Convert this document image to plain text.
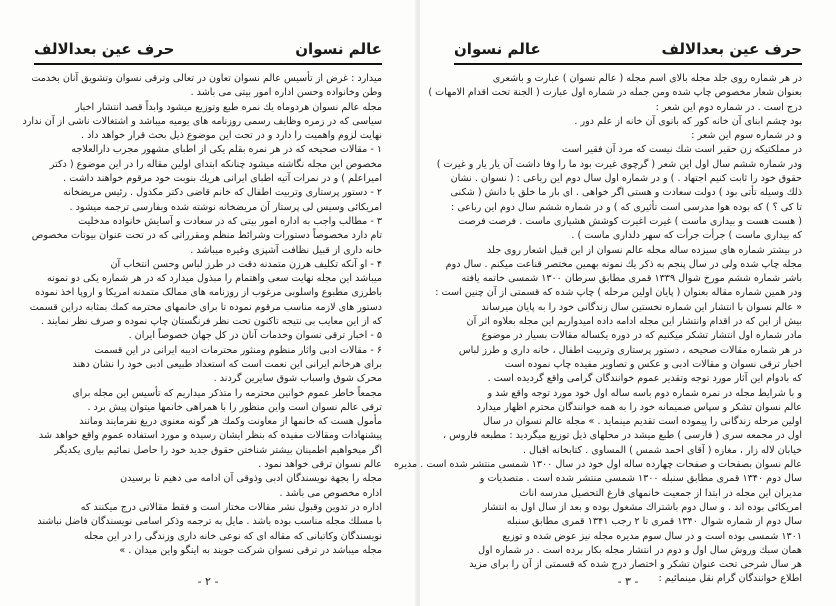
حرف عین بعدالالف	عالم نسوان
میدارد : غرض از تأسیس عالم نسوان تعاون در تعالی وترقی نسوان وتشویق آنان بخدمت
وطن وخانواده وحسن اداره امور بیتی می باشد .
مجله عالم نسوان هردوماه یك نمره طبع وتوزیع میشود وابداً قصد انتشار اخبار
سیاسی که در زمره وظایف رسمی روزنامه های یومیه میباشد و اشتغالات ناشی از آن ندارد
نهایت لزوم واهمیت را دارد و در تحت این موضوع ذیل بحث قرار خواهد داد .
۱ - مقالات صحیحه که در هر نمره بقلم یکی از اطبای مشهور مجرب دارالعلاجه
مخصوص این مجله نگاشته میشود چنانکه ابتدای اولین مقاله را در این موضوع ( دکتر
امیراعلم ) و در نمرات آتیه اطبای ایرانی هریك بنوبت خود مرقوم خواهند داشت .
۲ - دستور پرستاری وتربیت اطفال که خانم قاضی دکتر مکدول . رئیس مریضخانه
امریکائی وسیس لی پرستار آن مریضخانه نوشته شده وبفارسی ترجمه میشود .
۳ - مطالب واجب به اداره امور بیتی که در سعادت و آسایش خانواده مدخلیت
تام دارد مخصوصاً دستورات وشرائط منظم ومقرراتی که در تحت عنوان بیوتات مخصوص
خانه داری از قبیل نظافت آشپزی وغیره میباشد .
۴ - او آنکه تکلیف هرزن متمدنه دقت در طرز لباس وحسن انتخاب آن
میباشد این مجله نهایت سعی واهتمام را مبذول میدارد که در هر شماره یکی دو نمونه
باطرزی مطبوع واسلوبی مرغوب از روزنامه های ممالک متمدنه امریکا و اروپا اخذ نموده
دستور های لازمه مناسب مرقوم نموده تا برای خانمهای محترمه کمك بمثابه دراین قسمت
که از این معایب بی نتیجه تاکنون تحت نظر فرنگستان چاپ نموده و صرف نظر نمایند .
۵ - اخبار ترقی نسوان وخدمات آنان در کل جهان خصوصاً ایران .
۶ - مقالات ادبی واثار منظوم ومنثور محترمات ادیبه ایرانی در این قسمت
برای هرخانم ایرانی این نعمت است که استعداد طبیعی ادبی خود را نشان دهند
محرک شوق واسباب شوق سایرین گردند .
مجمعاً خاطر عموم خوانین محترمه را متذکر میداریم که تأسیس این مجله برای
ترقی عالم نسوان است واین منظور را با همراهی خانمها میتوان پیش برد .
مأمول هست که خانمها از معاونت وکمك هر گونه معنوی دریغ نفرمایند ومانند
پیشنهادات ومقالات مفیده که بنظر ایشان رسیده و مورد استفاده عموم واقع خواهد شد
اگر میخواهیم اطمینان بیشتر شناختن حقوق جدید خود را حاصل نمائیم بیاری یکدیگر
عالم نسوان ترقی خواهد نمود .
مجله را بجهة نویسندگان ادبی وذوقی آن ادامه می دهیم تا برسیدن
اداره مخصوص می باشد .
اداره در تدوین وقبول نشر مقالات مختار است و فقط مقالاتی درج میکنند که
با مسلك مجله مناسب بوده باشد . مایل به ترجمه وذکر اسامی نویسندگان فاضل نباشند
نویسندگان وکاتبانی که مقاله ای که نوعی خانه داری وزندگی را در این مجله
مجله میباشد در ترقی نسوان شرکت جویند به اینگو واین میدان . »
- ۲ -
عالم نسوان	حرف عین بعدالالف
در هر شماره روی جلد مجله بالای اسم مجله ( عالم نسوان ) عبارت و باشعری
بعنوان شعار مخصوص چاپ شده ومن جمله در شماره اول عبارت ( الجنة تحت اقدام الامهات )
درج است . در شماره دوم این شعر :
بود چشم ابنای آن خانه کور که بانوی آن خانه از علم دور .
و در شماره سوم این شعر :
در مملکتیکه زن حقیر است شك نیست که مرد آن فقیر است
ودر شماره ششم سال اول این شعر ( گرچوی غیرت بود ما را وفا داشت آن یار یار و غیرت )
حقوق خود را ثابت کنیم اجتهاد . ) و در شماره اول سال دوم این رباعی : ( نسوان . نشان
ذلك وسیله تأتی بود ) دولت سعادت و هستی اگر خواهی . ای بار ما خلق با دانش ( شکنی
تا کی ؟ ) که بوده هوا مدرسی است تأثیری که ) و در شماره ششم سال دوم این رباعی :
( هست هست و بیداری ماست ) غیرت اغیرت کوشش هشیاری ماست . فرصت فرصت
که بیداری ماست ) جرأت جرأت که سهر دلداری ماست ) .
در بیشتر شماره های سیزده ساله مجله عالم نسوان از این قبیل اشعار روی جلد
مجله چاپ شده ولی در سال پنجم به ذکر یك نمونه بهمین مختصر قناعت میکنم . سال دوم
باشر شماره ششم مورخ شوال ۱۳۳۹ قمری مطابق سرطان ۱۳۰۰ شمسی خاتمه یافته
ودر همین شماره مقاله بعنوان ( پایان اولین مرحله ) چاپ شده که قسمتی از آن چنین است :
« عالم نسوان با انتشار این شماره نخستین سال زندگانی خود را به پایان میرساند
بیش از این که در اقدام وانتشار این مجله ادامه داده امیدواریم این مجله بعلاوه اثر آن
مادر شماره اول انتشار تشکر میکنیم که در دوره یکساله مقالات بسیار در موضوع
در هر شماره مقالات صحیحه ، دستور پرستاری وتربیت اطفال ، خانه داری و طرز لباس
اخبار ترقی نسوان و مقالات ادبی و عکس و تصاویر مفیده چاپ نموده است
که بادوام این آثار مورد توجه وتقدیر عموم خوانندگان گرامی واقع گردیده است .
و با شرایط مجله در نمره شماره دوم باسه ساله اول خود مورد توجه واقع شد و
عالم نسوان تشکر و سپاس صمیمانه خود را به همه خوانندگان محترم اظهار میدارد
اولین مرحله زندگانی را پیموده است تقدیم مینماید . » مجله عالم نسوان در سال
اول در مجمعه سری ( فارسی ) طبع میشد در محلهای ذیل توزیع میگردید : مطبعه فاروس ،
خیابان لاله زار ، مغازه ( آقای احمد شمس ) المساوی . کتابخانه اقبال .
عالم نسوان بصفحات و صفحات چهارده ساله اول خود در سال ۱۳۰۰ شمسی منتشر شده است . مدیره
سال دوم ۱۳۴۰ قمری مطابق سنبله ۱۳۰۰ شمسی منتشر شده است . متصدیات و
مدیران این مجله در ابتدا از جمعیت خانمهای فارغ التحصیل مدرسه اناث
امریکائی بوده اند . و سال دوم باشتراك مشغول بوده و بعد از سال اول به انتشار
سال دوم از شماره شوال ۱۳۴۰ قمری تا ۲ رجب ۱۳۴۱ قمری مطابق سنبله
۱۳۰۱ شمسی بوده است و در سال سوم مدیره مجله نیز عوض شده و توزیع
همان سبك وروش سال اول و دوم در انتشار مجله بکار برده است . در شماره اول
هر سال شرحی تحت عنوان تشکر و اختصار درج شده که قسمتی از آن را برای مزید
اطلاع خوانندگان گرام نقل مینمائیم :
- ۳ -
